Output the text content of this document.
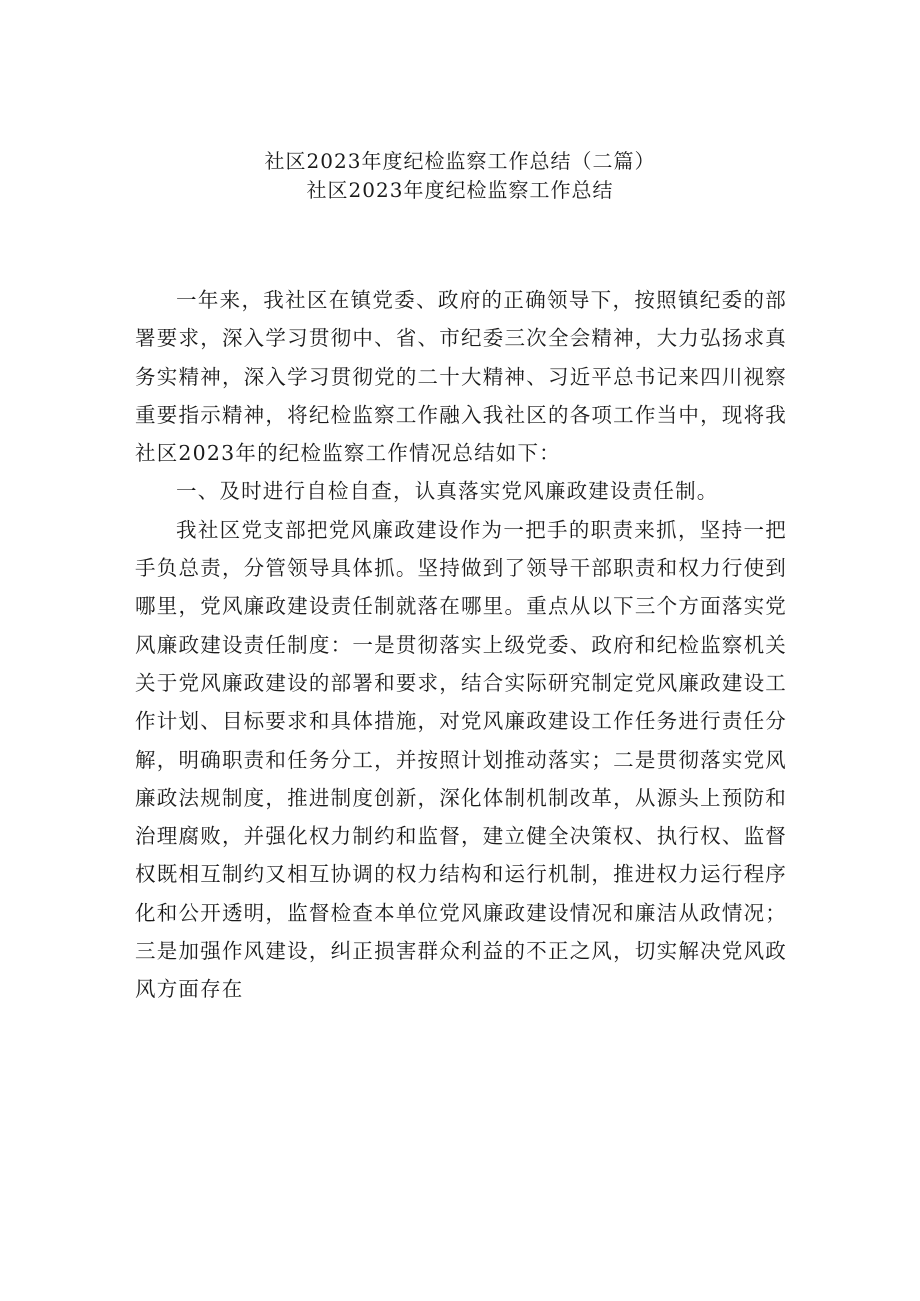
社区2023年度纪检监察工作总结（二篇）
社区2023年度纪检监察工作总结

一年来，我社区在镇党委、政府的正确领导下，按照镇纪委的部署要求，深入学习贯彻中、省、市纪委三次全会精神，大力弘扬求真务实精神，深入学习贯彻党的二十大精神、习近平总书记来四川视察重要指示精神，将纪检监察工作融入我社区的各项工作当中，现将我社区2023年的纪检监察工作情况总结如下：

一、及时进行自检自查，认真落实党风廉政建设责任制。

我社区党支部把党风廉政建设作为一把手的职责来抓，坚持一把手负总责，分管领导具体抓。坚持做到了领导干部职责和权力行使到哪里，党风廉政建设责任制就落在哪里。重点从以下三个方面落实党风廉政建设责任制度：一是贯彻落实上级党委、政府和纪检监察机关关于党风廉政建设的部署和要求，结合实际研究制定党风廉政建设工作计划、目标要求和具体措施，对党风廉政建设工作任务进行责任分解，明确职责和任务分工，并按照计划推动落实；二是贯彻落实党风廉政法规制度，推进制度创新，深化体制机制改革，从源头上预防和治理腐败，并强化权力制约和监督，建立健全决策权、执行权、监督权既相互制约又相互协调的权力结构和运行机制，推进权力运行程序化和公开透明，监督检查本单位党风廉政建设情况和廉洁从政情况；三是加强作风建设，纠正损害群众利益的不正之风，切实解决党风政风方面存在
